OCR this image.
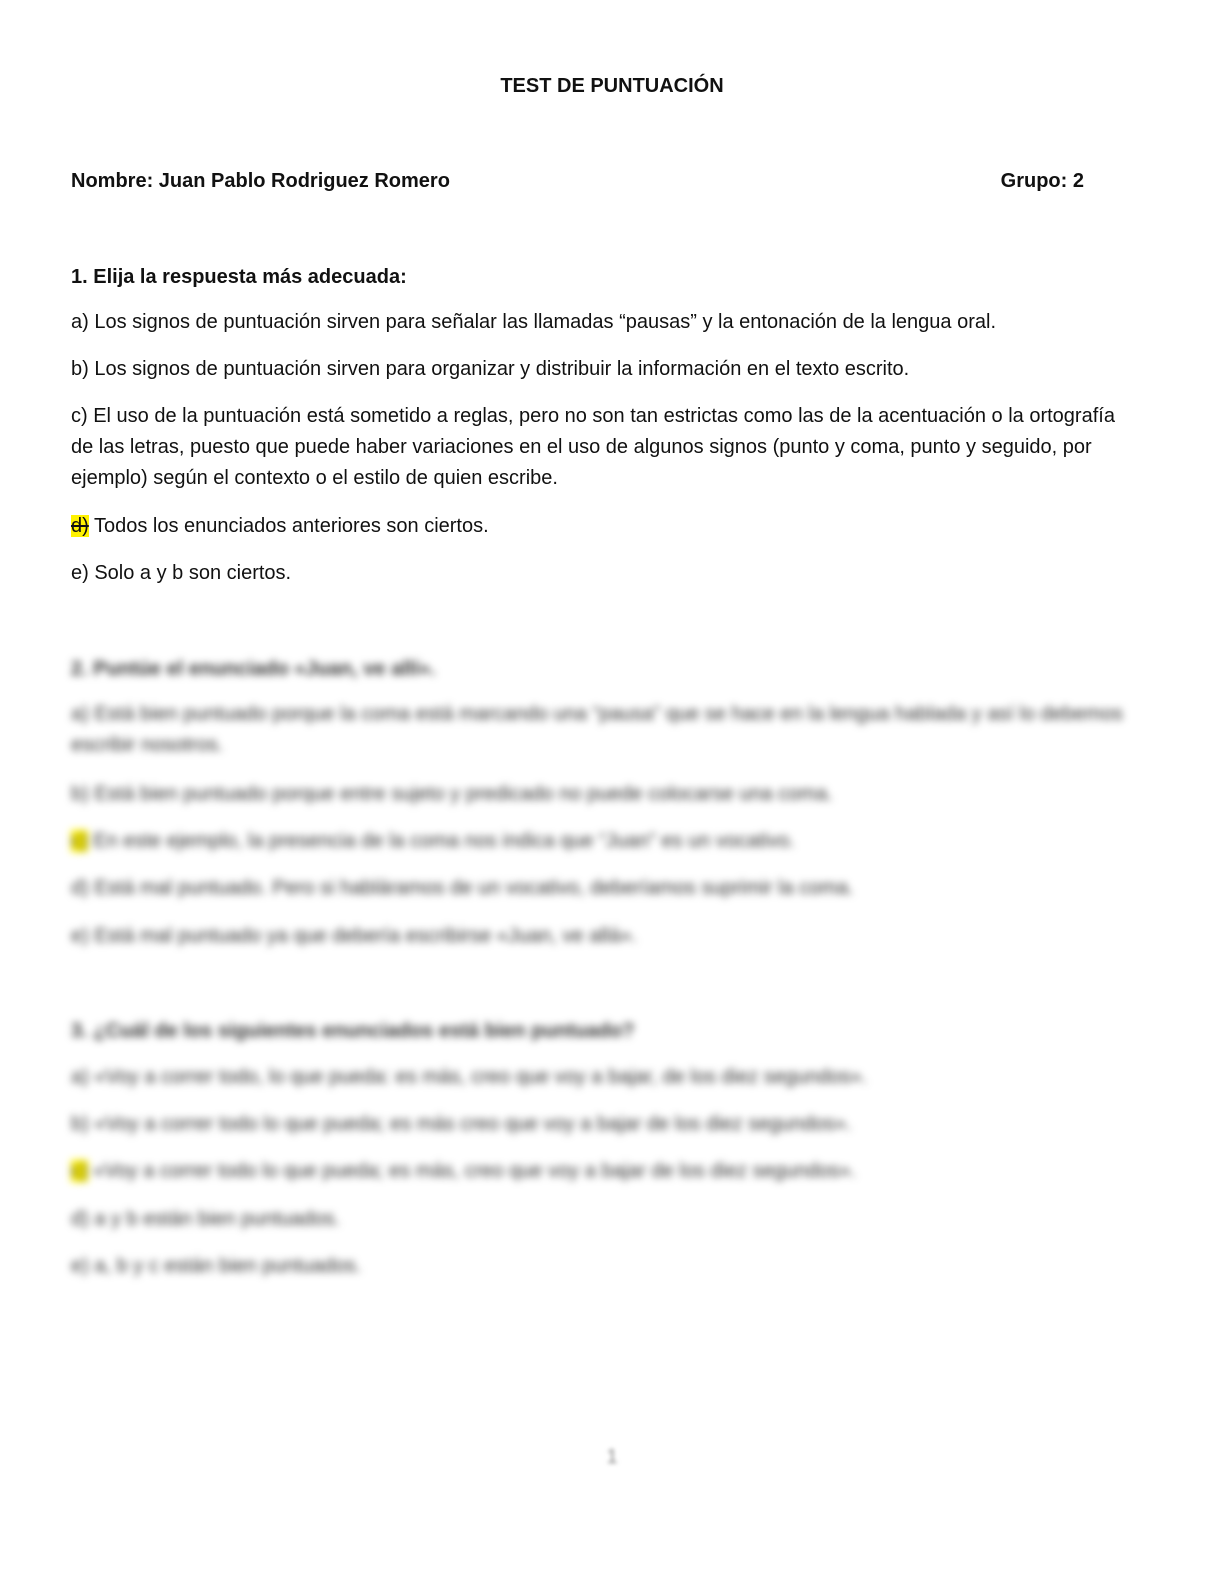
TEST DE PUNTUACIÓN
Nombre: Juan Pablo Rodriguez Romero	Grupo: 2
1. Elija la respuesta más adecuada:
a) Los signos de puntuación sirven para señalar las llamadas “pausas” y la entonación de la lengua oral.
b) Los signos de puntuación sirven para organizar y distribuir la información en el texto escrito.
c) El uso de la puntuación está sometido a reglas, pero no son tan estrictas como las de la acentuación o la ortografía de las letras, puesto que puede haber variaciones en el uso de algunos signos (punto y coma, punto y seguido, por ejemplo) según el contexto o el estilo de quien escribe.
d) Todos los enunciados anteriores son ciertos.
e) Solo a y b son ciertos.
2. Puntúe el enunciado «Juan, ve allí».
a) Está bien puntuado porque la coma está marcando una “pausa” que se hace en la lengua hablada y así lo debemos escribir nosotros.
b) Está bien puntuado porque entre sujeto y predicado no puede colocarse una coma.
c) En este ejemplo, la presencia de la coma nos indica que “Juan” es un vocativo.
d) Está mal puntuado. Pero si habláramos de un vocativo, deberíamos suprimir la coma.
e) Está mal puntuado ya que debería escribirse «Juan, ve allá».
3. ¿Cuál de los siguientes enunciados está bien puntuado?
a) «Voy a correr todo, lo que pueda: es más, creo que voy a bajar, de los diez segundos».
b) «Voy a correr todo lo que pueda; es más creo que voy a bajar de los diez segundos».
c) «Voy a correr todo lo que pueda; es más, creo que voy a bajar de los diez segundos».
d) a y b están bien puntuados.
e) a, b y c están bien puntuados.
1
